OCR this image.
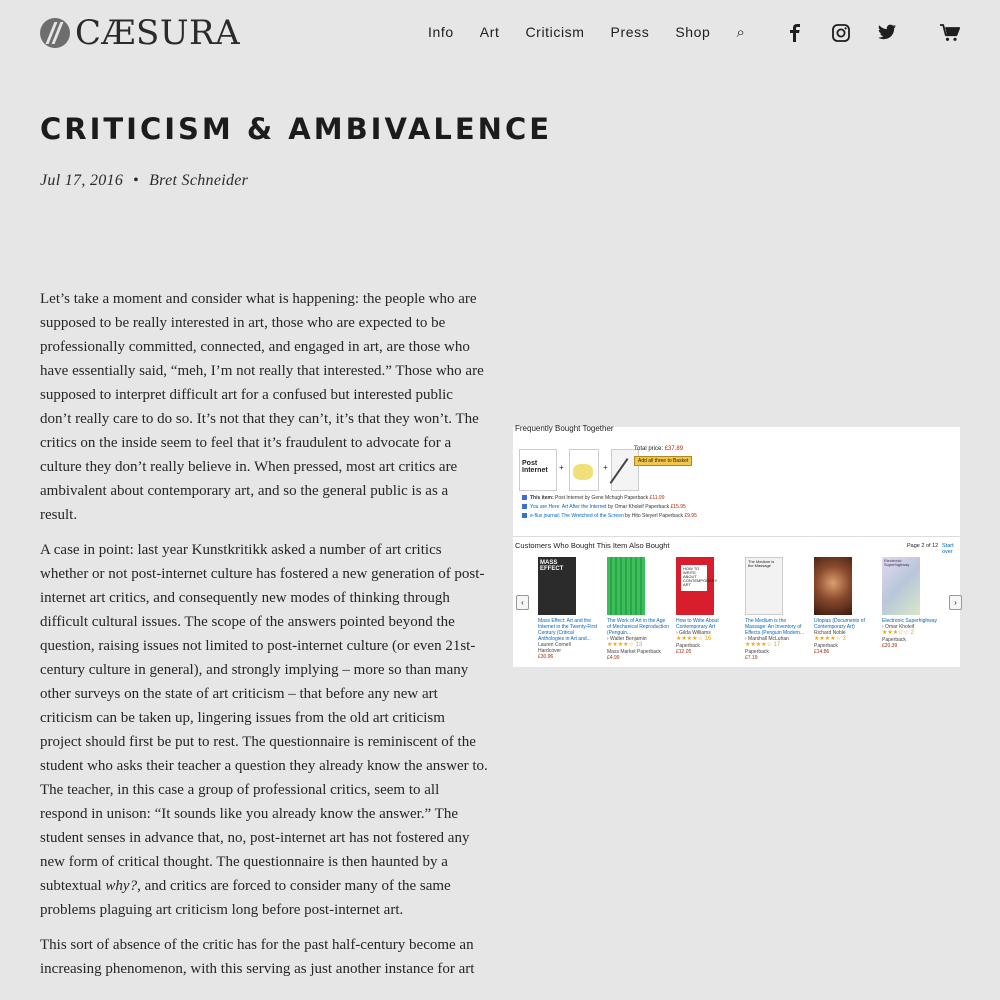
CÆSURA	Info Art Criticism Press Shop ⌕
CRITICISM & AMBIVALENCE
Jul 17, 2016 • Bret Schneider

Let’s take a moment and consider what is happening: the people who are supposed to be really interested in art, those who are expected to be professionally committed, connected, and engaged in art, are those who have essentially said, “meh, I’m not really that interested.” Those who are supposed to interpret difficult art for a confused but interested public don’t really care to do so. It’s not that they can’t, it’s that they won’t. The critics on the inside seem to feel that it’s fraudulent to advocate for a culture they don’t really believe in. When pressed, most art critics are ambivalent about contemporary art, and so the general public is as a result.

A case in point: last year Kunstkritikk asked a number of art critics whether or not post-internet culture has fostered a new generation of post-internet art critics, and consequently new modes of thinking through difficult cultural issues. The scope of the answers pointed beyond the question, raising issues not limited to post-internet culture (or even 21st-century culture in general), and strongly implying – more so than many other surveys on the state of art criticism – that before any new art criticism can be taken up, lingering issues from the old art criticism project should first be put to rest. The questionnaire is reminiscent of the student who asks their teacher a question they already know the answer to. The teacher, in this case a group of professional critics, seem to all respond in unison: “It sounds like you already know the answer.” The student senses in advance that, no, post-internet art has not fostered any new form of critical thought. The questionnaire is then haunted by a subtextual why?, and critics are forced to consider many of the same problems plaguing art criticism long before post-internet art.

This sort of absence of the critic has for the past half-century become an increasing phenomenon, with this serving as just another instance for art

Frequently Bought Together
Post Internet	+	+
Total price: £37.89
Add all three to Basket
This item: Post Internet by Gene Mchugh Paperback £11.99
You are Here: Art After the Internet by Omar Kholeif Paperback £15.95
e-flux journal: The Wretched of the Screen by Hito Steyerl Paperback £9.95
Customers Who Bought This Item Also Bought	Page 2 of 12 Start over
‹	›
MASS EFFECT
Mass Effect: Art and the Internet in the Twenty-First Century (Critical Anthologies in Art and...
Lauren Cornell
Hardcover
£30.96
The Work of Art in the Age of Mechanical Reproduction (Penguin...
› Walter Benjamin
★★★★☆ 13
Mass Market Paperback
£4.99
HOW TO WRITE ABOUT CONTEMPORARY ART
How to Write About Contemporary Art
› Gilda Williams
★★★★☆ 16
Paperback
£12.05
The Medium is the Massage
The Medium is the Massage: An Inventory of Effects (Penguin Modern...
› Marshall McLuhan
★★★★☆ 17
Paperback
£7.19
Utopias (Documents of Contemporary Art)
Richard Noble
★★★★☆ 3
Paperback
£14.86
Electronic Superhighway
Electronic Superhighway
› Omar Kholeif
★★★☆☆ 2
Paperback
£20.39
